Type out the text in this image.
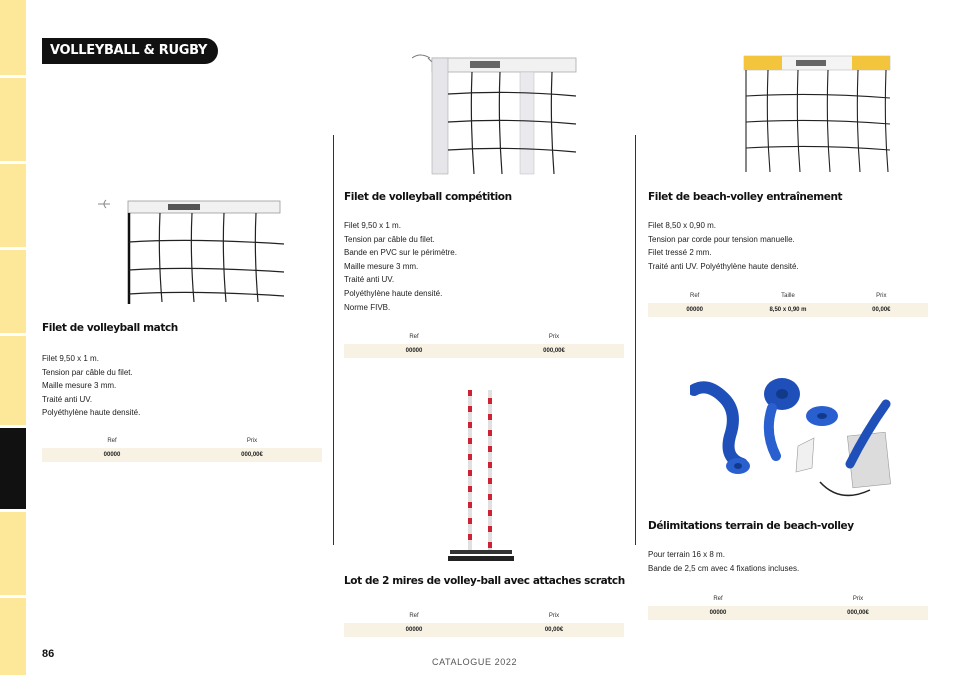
VOLLEYBALL & RUGBY
Filet de volleyball match
Filet 9,50 x 1 m.
Tension par câble du filet.
Maille mesure 3 mm.
Traité anti UV.
Polyéthylène haute densité.
Ref	Prix
00000	000,00€
Filet de volleyball compétition
Filet 9,50 x 1 m.
Tension par câble du filet.
Bande en PVC sur le périmètre.
Maille mesure 3 mm.
Traité anti UV.
Polyéthylène haute densité.
Norme FIVB.
Ref	Prix
00000	000,00€
Lot de 2 mires de volley-ball avec attaches scratch
Ref	Prix
00000	00,00€
Filet de beach-volley entraînement
Filet 8,50 x 0,90 m.
Tension par corde pour tension manuelle.
Filet tressé 2 mm.
Traité anti UV. Polyéthylène haute densité.
Ref	Taille	Prix
00000	8,50 x 0,90 m	00,00€
Délimitations terrain de beach-volley
Pour terrain 16 x 8 m.
Bande de 2,5 cm avec 4 fixations incluses.
Ref	Prix
00000	000,00€
86
CATALOGUE 2022
